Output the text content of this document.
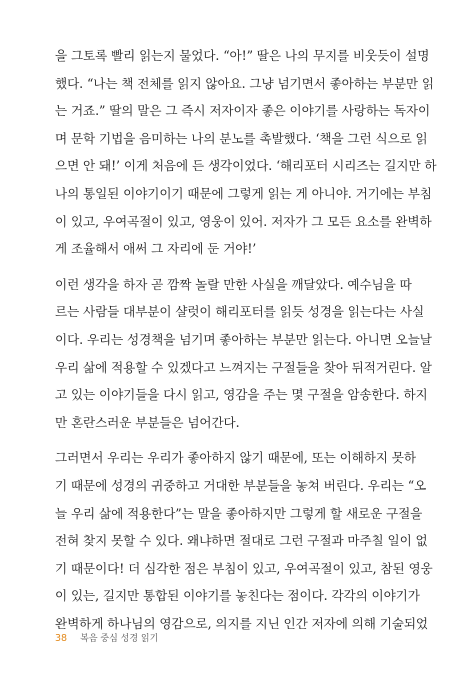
을 그토록 빨리 읽는지 물었다. “아!” 딸은 나의 무지를 비웃듯이 설명
했다. “나는 책 전체를 읽지 않아요. 그냥 넘기면서 좋아하는 부분만 읽
는 거죠.” 딸의 말은 그 즉시 저자이자 좋은 이야기를 사랑하는 독자이
며 문학 기법을 음미하는 나의 분노를 촉발했다. ‘책을 그런 식으로 읽
으면 안 돼!’ 이게 처음에 든 생각이었다. ‘해리포터 시리즈는 길지만 하
나의 통일된 이야기이기 때문에 그렇게 읽는 게 아니야. 거기에는 부침
이 있고, 우여곡절이 있고, 영웅이 있어. 저자가 그 모든 요소를 완벽하
게 조율해서 애써 그 자리에 둔 거야!’
이런 생각을 하자 곧 깜짝 놀랄 만한 사실을 깨달았다. 예수님을 따
르는 사람들 대부분이 샬럿이 해리포터를 읽듯 성경을 읽는다는 사실
이다. 우리는 성경책을 넘기며 좋아하는 부분만 읽는다. 아니면 오늘날
우리 삶에 적용할 수 있겠다고 느껴지는 구절들을 찾아 뒤적거린다. 알
고 있는 이야기들을 다시 읽고, 영감을 주는 몇 구절을 암송한다. 하지
만 혼란스러운 부분들은 넘어간다.
그러면서 우리는 우리가 좋아하지 않기 때문에, 또는 이해하지 못하
기 때문에 성경의 귀중하고 거대한 부분들을 놓쳐 버린다. 우리는 “오
늘 우리 삶에 적용한다”는 말을 좋아하지만 그렇게 할 새로운 구절을
전혀 찾지 못할 수 있다. 왜냐하면 절대로 그런 구절과 마주칠 일이 없
기 때문이다! 더 심각한 점은 부침이 있고, 우여곡절이 있고, 참된 영웅
이 있는, 길지만 통합된 이야기를 놓친다는 점이다. 각각의 이야기가
완벽하게 하나님의 영감으로, 의지를 지닌 인간 저자에 의해 기술되었
38 복음 중심 성경 읽기
